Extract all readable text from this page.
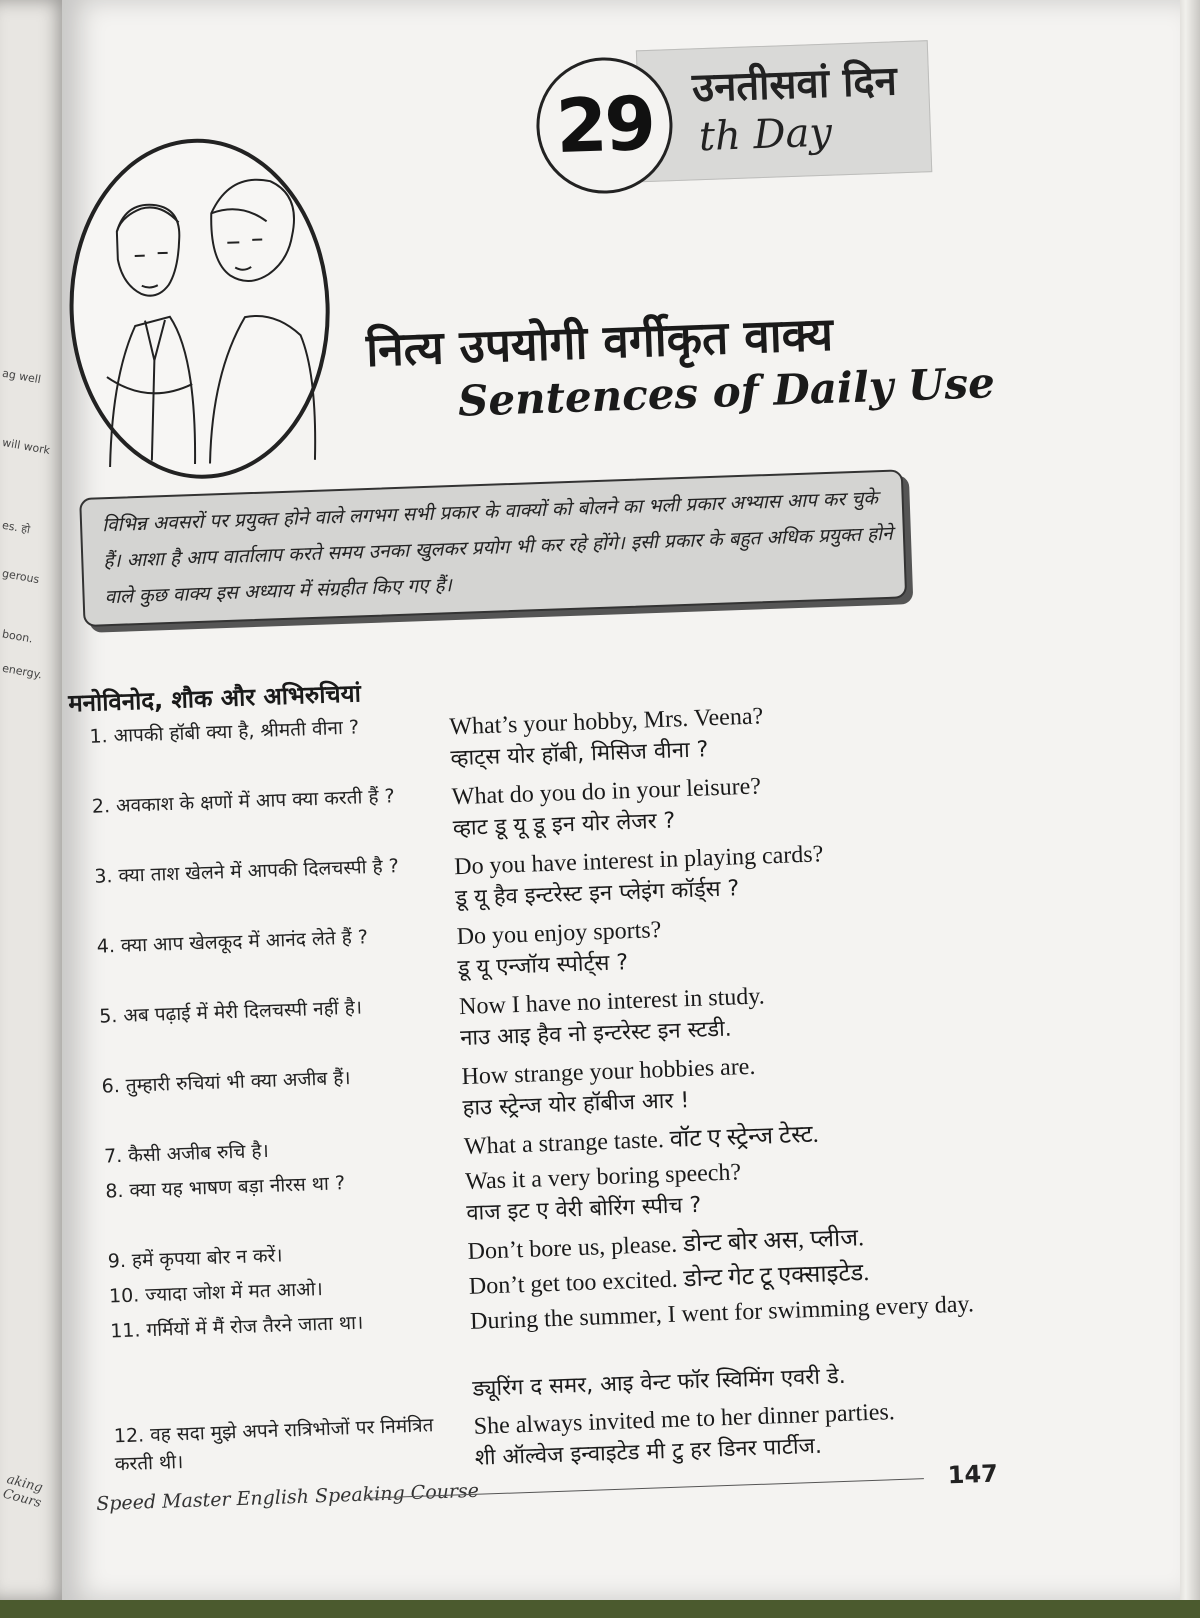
ag well
will work
es. हो
gerous
boon.
energy.
aking Cours
29 उनतीसवां दिन
th Day
नित्य उपयोगी वर्गीकृत वाक्य
Sentences of Daily Use
विभिन्न अवसरों पर प्रयुक्त होने वाले लगभग सभी प्रकार के वाक्यों को बोलने का भली प्रकार अभ्यास आप कर चुके हैं। आशा है आप वार्तालाप करते समय उनका खुलकर प्रयोग भी कर रहे होंगे। इसी प्रकार के बहुत अधिक प्रयुक्त होने वाले कुछ वाक्य इस अध्याय में संग्रहीत किए गए हैं।
मनोविनोद, शौक और अभिरुचियां
1. आपकी हॉबी क्या है, श्रीमती वीना ?	What’s your hobby, Mrs. Veena?
व्हाट्स योर हॉबी, मिसिज वीना ?
2. अवकाश के क्षणों में आप क्या करती हैं ?	What do you do in your leisure?
व्हाट डू यू डू इन योर लेजर ?
3. क्या ताश खेलने में आपकी दिलचस्पी है ?	Do you have interest in playing cards?
डू यू हैव इन्टरेस्ट इन प्लेइंग कॉर्ड्स ?
4. क्या आप खेलकूद में आनंद लेते हैं ?	Do you enjoy sports?
डू यू एन्जॉय स्पोर्ट्स ?
5. अब पढ़ाई में मेरी दिलचस्पी नहीं है।	Now I have no interest in study.
नाउ आइ हैव नो इन्टरेस्ट इन स्टडी.
6. तुम्हारी रुचियां भी क्या अजीब हैं।	How strange your hobbies are.
हाउ स्ट्रेन्ज योर हॉबीज आर !
7. कैसी अजीब रुचि है।	What a strange taste. वॉट ए स्ट्रेन्ज टेस्ट.
8. क्या यह भाषण बड़ा नीरस था ?	Was it a very boring speech?
वाज इट ए वेरी बोरिंग स्पीच ?
9. हमें कृपया बोर न करें।	Don’t bore us, please. डोन्ट बोर अस, प्लीज.
10. ज्यादा जोश में मत आओ।	Don’t get too excited. डोन्ट गेट टू एक्साइटेड.
11. गर्मियों में मैं रोज तैरने जाता था।	During the summer, I went for swimming every day.
ड्यूरिंग द समर, आइ वेन्ट फॉर स्विमिंग एवरी डे.
12. वह सदा मुझे अपने रात्रिभोजों पर निमंत्रित करती थी।
She always invited me to her dinner parties.
शी ऑल्वेज इन्वाइटेड मी टु हर डिनर पार्टीज.
Speed Master English Speaking Course
147
